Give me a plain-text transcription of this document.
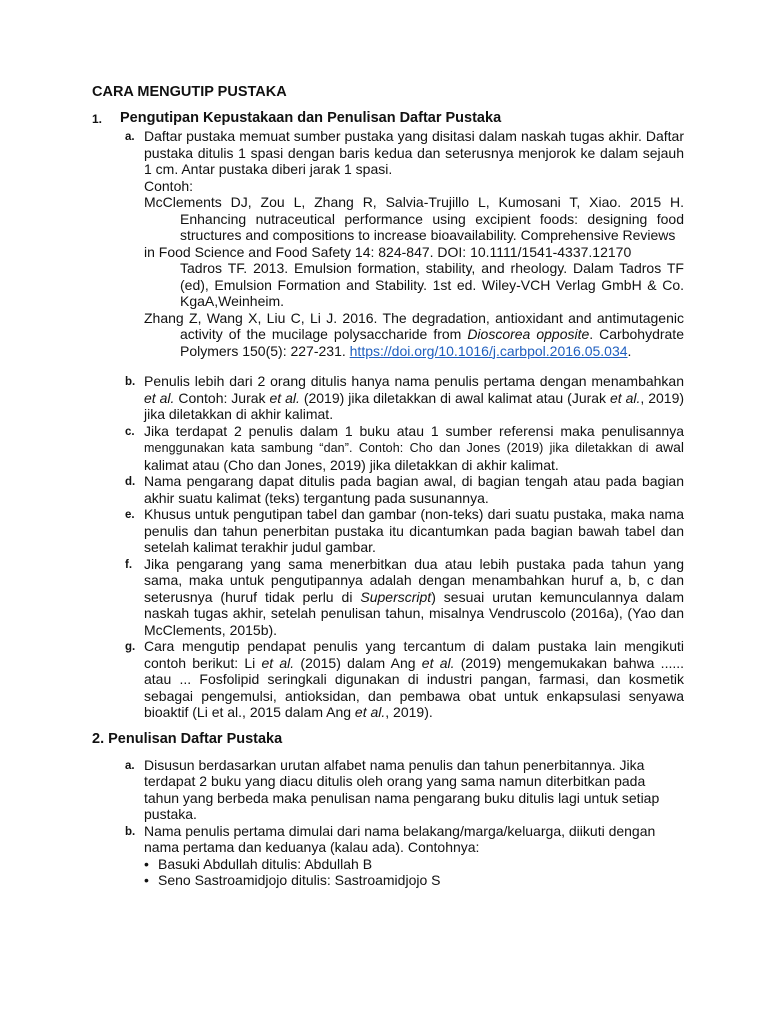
CARA MENGUTIP PUSTAKA
1.	Pengutipan Kepustakaan dan Penulisan Daftar Pustaka
a. Daftar pustaka memuat sumber pustaka yang disitasi dalam naskah tugas akhir. Daftar pustaka ditulis 1 spasi dengan baris kedua dan seterusnya menjorok ke dalam sejauh 1 cm. Antar pustaka diberi jarak 1 spasi.

Contoh:

McClements DJ, Zou L, Zhang R, Salvia-Trujillo L, Kumosani T, Xiao. 2015 H. Enhancing nutraceutical performance using excipient foods: designing food structures and compositions to increase bioavailability. Comprehensive Reviews

in Food Science and Food Safety 14: 824-847. DOI: 10.1111/1541-4337.12170

Tadros TF. 2013. Emulsion formation, stability, and rheology. Dalam Tadros TF (ed), Emulsion Formation and Stability. 1st ed. Wiley-VCH Verlag GmbH & Co. KgaA,Weinheim.

Zhang Z, Wang X, Liu C, Li J. 2016. The degradation, antioxidant and antimutagenic activity of the mucilage polysaccharide from Dioscorea opposite. Carbohydrate Polymers 150(5): 227-231. https://doi.org/10.1016/j.carbpol.2016.05.034.

b. Penulis lebih dari 2 orang ditulis hanya nama penulis pertama dengan menambahkan et al. Contoh: Jurak et al. (2019) jika diletakkan di awal kalimat atau (Jurak et al., 2019) jika diletakkan di akhir kalimat.

c. Jika terdapat 2 penulis dalam 1 buku atau 1 sumber referensi maka penulisannya menggunakan kata sambung “dan”. Contoh: Cho dan Jones (2019) jika diletakkan di awal kalimat atau (Cho dan Jones, 2019) jika diletakkan di akhir kalimat.

d. Nama pengarang dapat ditulis pada bagian awal, di bagian tengah atau pada bagian akhir suatu kalimat (teks) tergantung pada susunannya.

e. Khusus untuk pengutipan tabel dan gambar (non-teks) dari suatu pustaka, maka nama penulis dan tahun penerbitan pustaka itu dicantumkan pada bagian bawah tabel dan setelah kalimat terakhir judul gambar.

f. Jika pengarang yang sama menerbitkan dua atau lebih pustaka pada tahun yang sama, maka untuk pengutipannya adalah dengan menambahkan huruf a, b, c dan seterusnya (huruf tidak perlu di Superscript) sesuai urutan kemunculannya dalam naskah tugas akhir, setelah penulisan tahun, misalnya Vendruscolo (2016a), (Yao dan McClements, 2015b).

g. Cara mengutip pendapat penulis yang tercantum di dalam pustaka lain mengikuti contoh berikut: Li et al. (2015) dalam Ang et al. (2019) mengemukakan bahwa ...... atau ... Fosfolipid seringkali digunakan di industri pangan, farmasi, dan kosmetik sebagai pengemulsi, antioksidan, dan pembawa obat untuk enkapsulasi senyawa bioaktif (Li et al., 2015 dalam Ang et al., 2019).

2. Penulisan Daftar Pustaka
a. Disusun berdasarkan urutan alfabet nama penulis dan tahun penerbitannya. Jika terdapat 2 buku yang diacu ditulis oleh orang yang sama namun diterbitkan pada tahun yang berbeda maka penulisan nama pengarang buku ditulis lagi untuk setiap pustaka.

b. Nama penulis pertama dimulai dari nama belakang/marga/keluarga, diikuti dengan nama pertama dan keduanya (kalau ada). Contohnya:

• Basuki Abdullah ditulis: Abdullah B
• Seno Sastroamidjojo ditulis: Sastroamidjojo S
